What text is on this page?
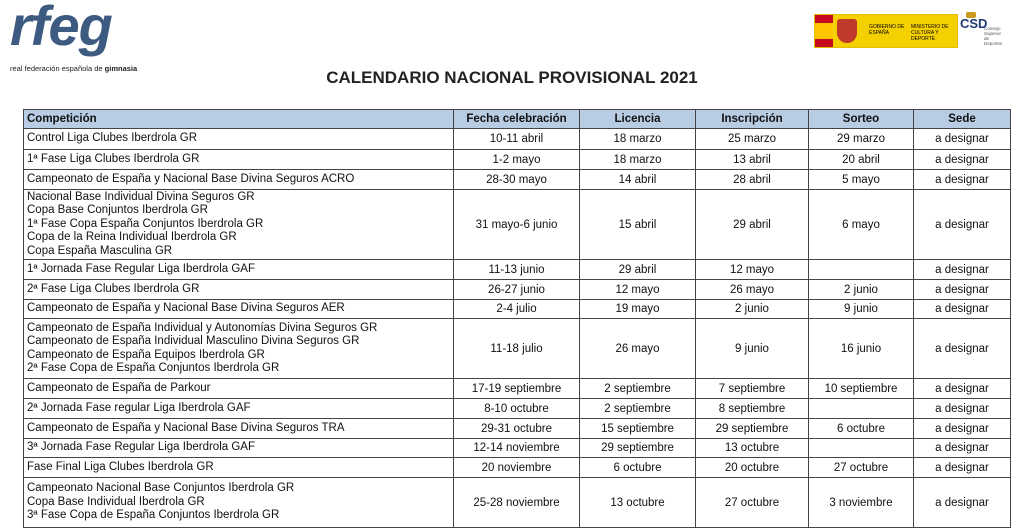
rfeg
real federación española de gimnasia
GOBIERNO DE ESPAÑA
MINISTERIO DE CULTURA Y DEPORTE
CSD
Consejo Superior de Deportes
CALENDARIO NACIONAL PROVISIONAL 2021
Competición	Fecha celebración	Licencia	Inscripción	Sorteo	Sede

Control Liga Clubes Iberdrola GR	10-11 abril	18 marzo	25 marzo	29 marzo	a designar

1ª Fase Liga Clubes Iberdrola GR	1-2 mayo	18 marzo	13 abril	20 abril	a designar

Campeonato de España y Nacional Base Divina Seguros ACRO	28-30 mayo	14 abril	28 abril	5 mayo	a designar

Nacional Base Individual Divina Seguros GR
Copa Base Conjuntos Iberdrola GR
1ª Fase Copa España Conjuntos Iberdrola GR
Copa de la Reina Individual Iberdrola GR
Copa España Masculina GR	31 mayo-6 junio	15 abril	29 abril	6 mayo	a designar

1ª Jornada Fase Regular Liga Iberdrola GAF	11-13 junio	29 abril	12 mayo		a designar

2ª Fase Liga Clubes Iberdrola GR	26-27 junio	12 mayo	26 mayo	2 junio	a designar

Campeonato de España y Nacional Base Divina Seguros AER	2-4 julio	19 mayo	2 junio	9 junio	a designar

Campeonato de España Individual y Autonomías Divina Seguros GR
Campeonato de España Individual Masculino Divina Seguros GR
Campeonato de España Equipos Iberdrola GR
2ª Fase Copa de España Conjuntos Iberdrola GR	11-18 julio	26 mayo	9 junio	16 junio	a designar

Campeonato de España de Parkour	17-19 septiembre	2 septiembre	7 septiembre	10 septiembre	a designar

2ª Jornada Fase regular Liga Iberdrola GAF	8-10 octubre	2 septiembre	8 septiembre		a designar

Campeonato de España y Nacional Base Divina Seguros TRA	29-31 octubre	15 septiembre	29 septiembre	6 octubre	a designar

3ª Jornada Fase Regular Liga Iberdrola GAF	12-14 noviembre	29 septiembre	13 octubre		a designar

Fase Final Liga Clubes Iberdrola GR	20 noviembre	6 octubre	20 octubre	27 octubre	a designar

Campeonato Nacional Base Conjuntos Iberdrola GR
Copa Base Individual Iberdrola GR
3ª Fase Copa de España Conjuntos Iberdrola GR	25-28 noviembre	13 octubre	27 octubre	3 noviembre	a designar
